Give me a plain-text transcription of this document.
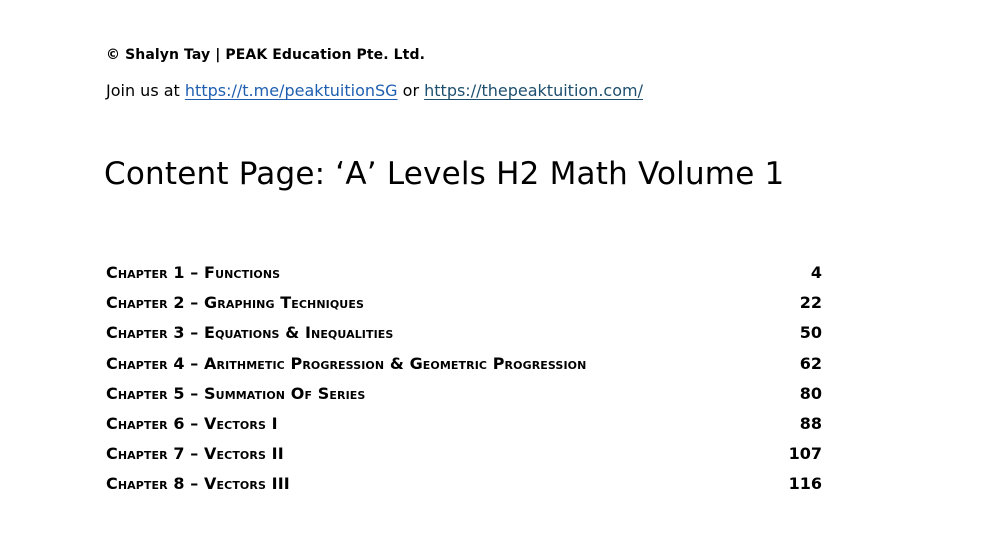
© Shalyn Tay | PEAK Education Pte. Ltd.
Join us at https://t.me/peaktuitionSG or https://thepeaktuition.com/
Content Page: ‘A’ Levels H2 Math Volume 1
Chapter 1 – Functions	4
Chapter 2 – Graphing Techniques	22
Chapter 3 – Equations & Inequalities	50
Chapter 4 – Arithmetic Progression & Geometric Progression	62
Chapter 5 – Summation Of Series	80
Chapter 6 – Vectors I	88
Chapter 7 – Vectors II	107
Chapter 8 – Vectors III	116
